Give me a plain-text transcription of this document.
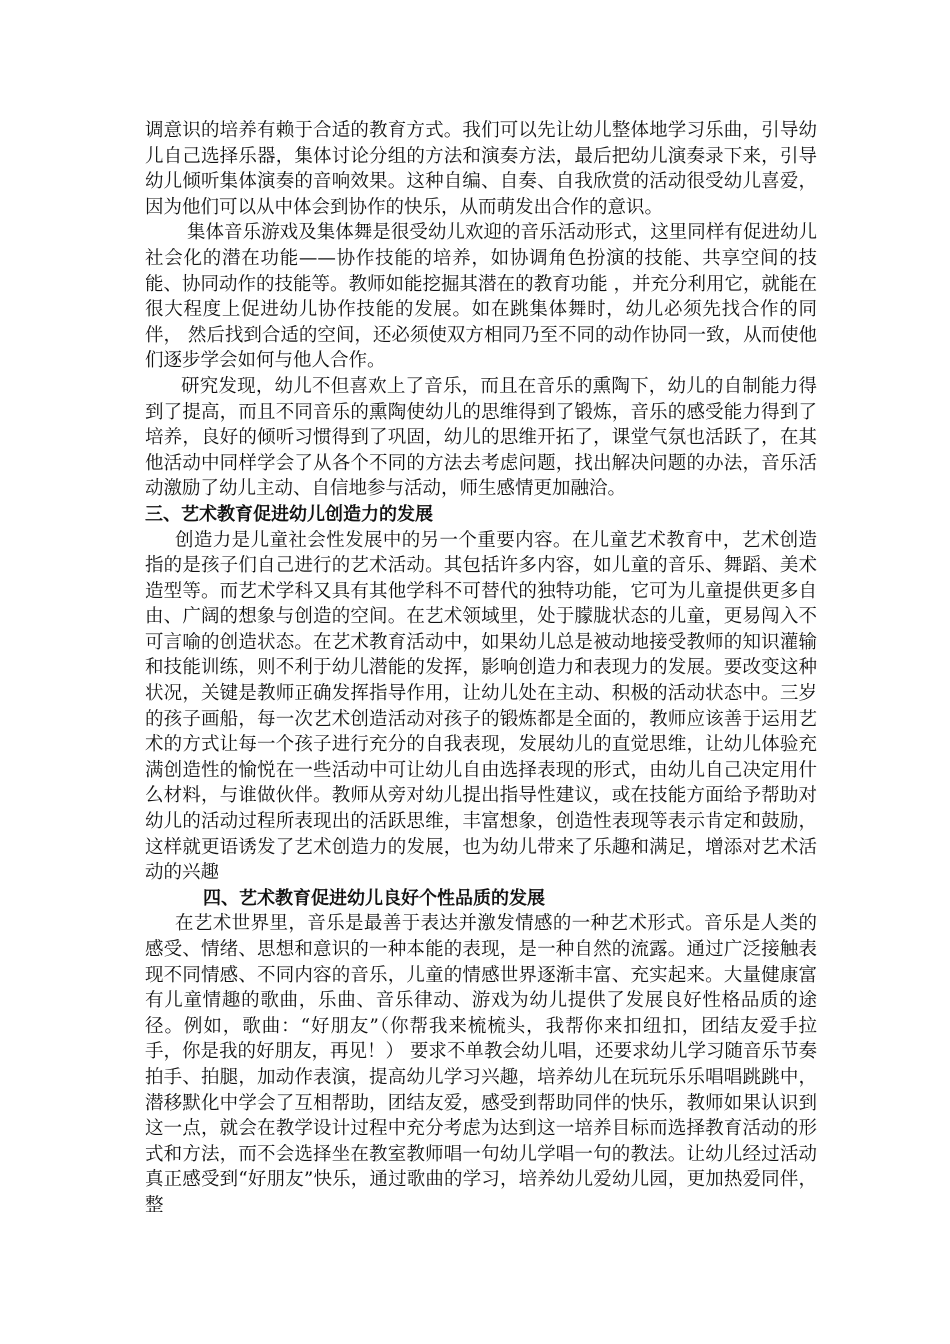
调意识的培养有赖于合适的教育方式。我们可以先让幼儿整体地学习乐曲，引导幼儿自己选择乐器，集体讨论分组的方法和演奏方法，最后把幼儿演奏录下来，引导幼儿倾听集体演奏的音响效果。这种自编、自奏、自我欣赏的活动很受幼儿喜爱，因为他们可以从中体会到协作的快乐，从而萌发出合作的意识。

集体音乐游戏及集体舞是很受幼儿欢迎的音乐活动形式，这里同样有促进幼儿社会化的潜在功能——协作技能的培养，如协调角色扮演的技能、共享空间的技能、协同动作的技能等。教师如能挖掘其潜在的教育功能 ，并充分利用它，就能在很大程度上促进幼儿协作技能的发展。如在跳集体舞时，幼儿必须先找合作的同伴， 然后找到合适的空间，还必须使双方相同乃至不同的动作协同一致，从而使他们逐步学会如何与他人合作。

研究发现，幼儿不但喜欢上了音乐，而且在音乐的熏陶下，幼儿的自制能力得到了提高，而且不同音乐的熏陶使幼儿的思维得到了锻炼，音乐的感受能力得到了培养，良好的倾听习惯得到了巩固，幼儿的思维开拓了，课堂气氛也活跃了，在其他活动中同样学会了从各个不同的方法去考虑问题，找出解决问题的办法，音乐活动激励了幼儿主动、自信地参与活动，师生感情更加融洽。

三、艺术教育促进幼儿创造力的发展

创造力是儿童社会性发展中的另一个重要内容。在儿童艺术教育中，艺术创造指的是孩子们自己进行的艺术活动。其包括许多内容，如儿童的音乐、舞蹈、美术造型等。而艺术学科又具有其他学科不可替代的独特功能，它可为儿童提供更多自由、广阔的想象与创造的空间。在艺术领域里，处于朦胧状态的儿童，更易闯入不可言喻的创造状态。在艺术教育活动中，如果幼儿总是被动地接受教师的知识灌输和技能训练，则不利于幼儿潜能的发挥，影响创造力和表现力的发展。要改变这种状况，关键是教师正确发挥指导作用，让幼儿处在主动、积极的活动状态中。三岁的孩子画船，每一次艺术创造活动对孩子的锻炼都是全面的，教师应该善于运用艺术的方式让每一个孩子进行充分的自我表现，发展幼儿的直觉思维，让幼儿体验充满创造性的愉悦在一些活动中可让幼儿自由选择表现的形式，由幼儿自己决定用什么材料，与谁做伙伴。教师从旁对幼儿提出指导性建议，或在技能方面给予帮助对幼儿的活动过程所表现出的活跃思维，丰富想象，创造性表现等表示肯定和鼓励，这样就更语诱发了艺术创造力的发展，也为幼儿带来了乐趣和满足，增添对艺术活动的兴趣

四、艺术教育促进幼儿良好个性品质的发展

在艺术世界里，音乐是最善于表达并激发情感的一种艺术形式。音乐是人类的感受、情绪、思想和意识的一种本能的表现，是一种自然的流露。通过广泛接触表现不同情感、不同内容的音乐，儿童的情感世界逐渐丰富、充实起来。大量健康富有儿童情趣的歌曲，乐曲、音乐律动、游戏为幼儿提供了发展良好性格品质的途径。例如，歌曲：“好朋友”（你帮我来梳梳头，我帮你来扣纽扣，团结友爱手拉手，你是我的好朋友，再见！） 要求不单教会幼儿唱，还要求幼儿学习随音乐节奏拍手、拍腿，加动作表演，提高幼儿学习兴趣，培养幼儿在玩玩乐乐唱唱跳跳中，潜移默化中学会了互相帮助，团结友爱，感受到帮助同伴的快乐，教师如果认识到这一点，就会在教学设计过程中充分考虑为达到这一培养目标而选择教育活动的形式和方法，而不会选择坐在教室教师唱一句幼儿学唱一句的教法。让幼儿经过活动真正感受到“好朋友”快乐，通过歌曲的学习，培养幼儿爱幼儿园，更加热爱同伴，整
